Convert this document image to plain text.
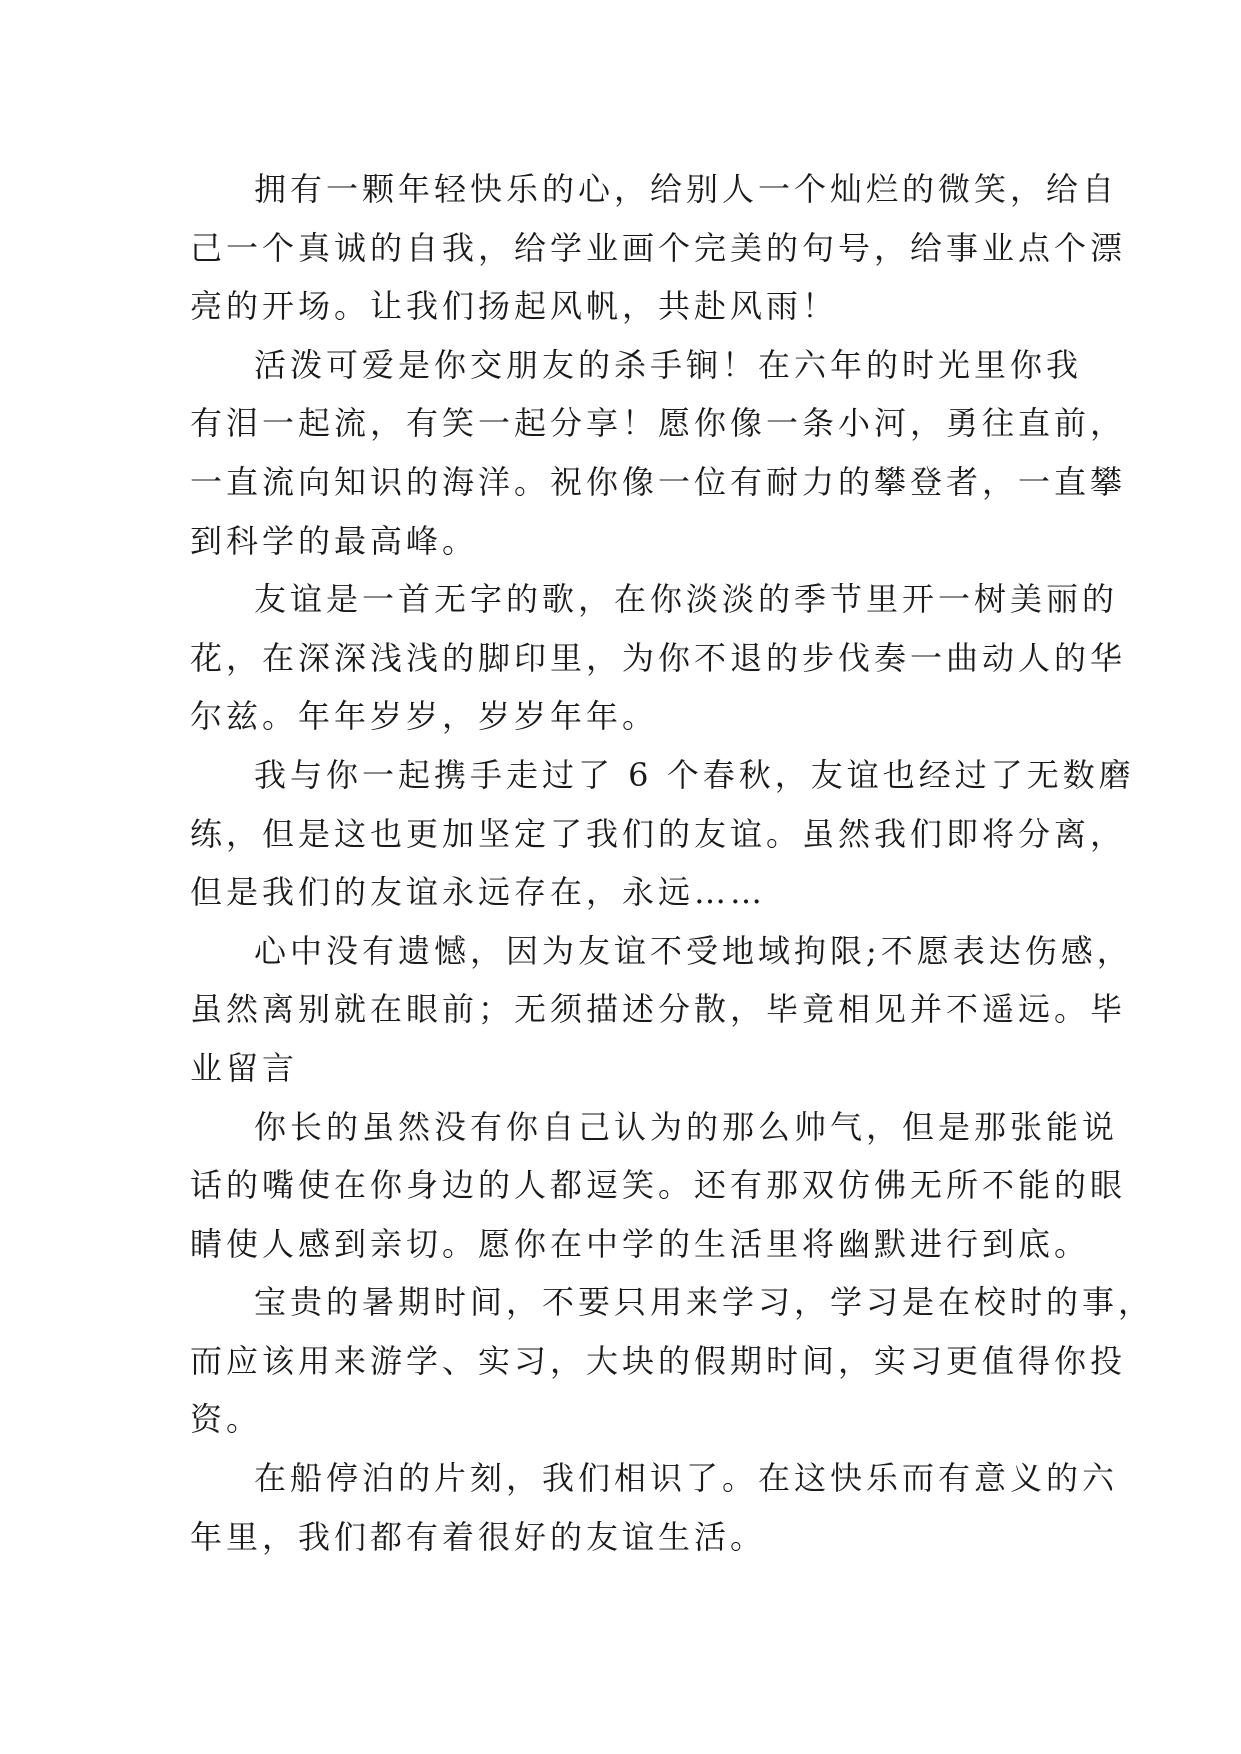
拥有一颗年轻快乐的心，给别人一个灿烂的微笑，给自
己一个真诚的自我，给学业画个完美的句号，给事业点个漂
亮的开场。让我们扬起风帆，共赴风雨！
活泼可爱是你交朋友的杀手锏！在六年的时光里你我
有泪一起流，有笑一起分享！愿你像一条小河，勇往直前，
一直流向知识的海洋。祝你像一位有耐力的攀登者，一直攀
到科学的最高峰。
友谊是一首无字的歌，在你淡淡的季节里开一树美丽的
花，在深深浅浅的脚印里，为你不退的步伐奏一曲动人的华
尔兹。年年岁岁，岁岁年年。
我与你一起携手走过了 6 个春秋，友谊也经过了无数磨
练，但是这也更加坚定了我们的友谊。虽然我们即将分离，
但是我们的友谊永远存在，永远……
心中没有遗憾，因为友谊不受地域拘限;不愿表达伤感，
虽然离别就在眼前；无须描述分散，毕竟相见并不遥远。毕
业留言
你长的虽然没有你自己认为的那么帅气，但是那张能说
话的嘴使在你身边的人都逗笑。还有那双仿佛无所不能的眼
睛使人感到亲切。愿你在中学的生活里将幽默进行到底。
宝贵的暑期时间，不要只用来学习，学习是在校时的事，
而应该用来游学、实习，大块的假期时间，实习更值得你投
资。
在船停泊的片刻，我们相识了。在这快乐而有意义的六
年里，我们都有着很好的友谊生活。
